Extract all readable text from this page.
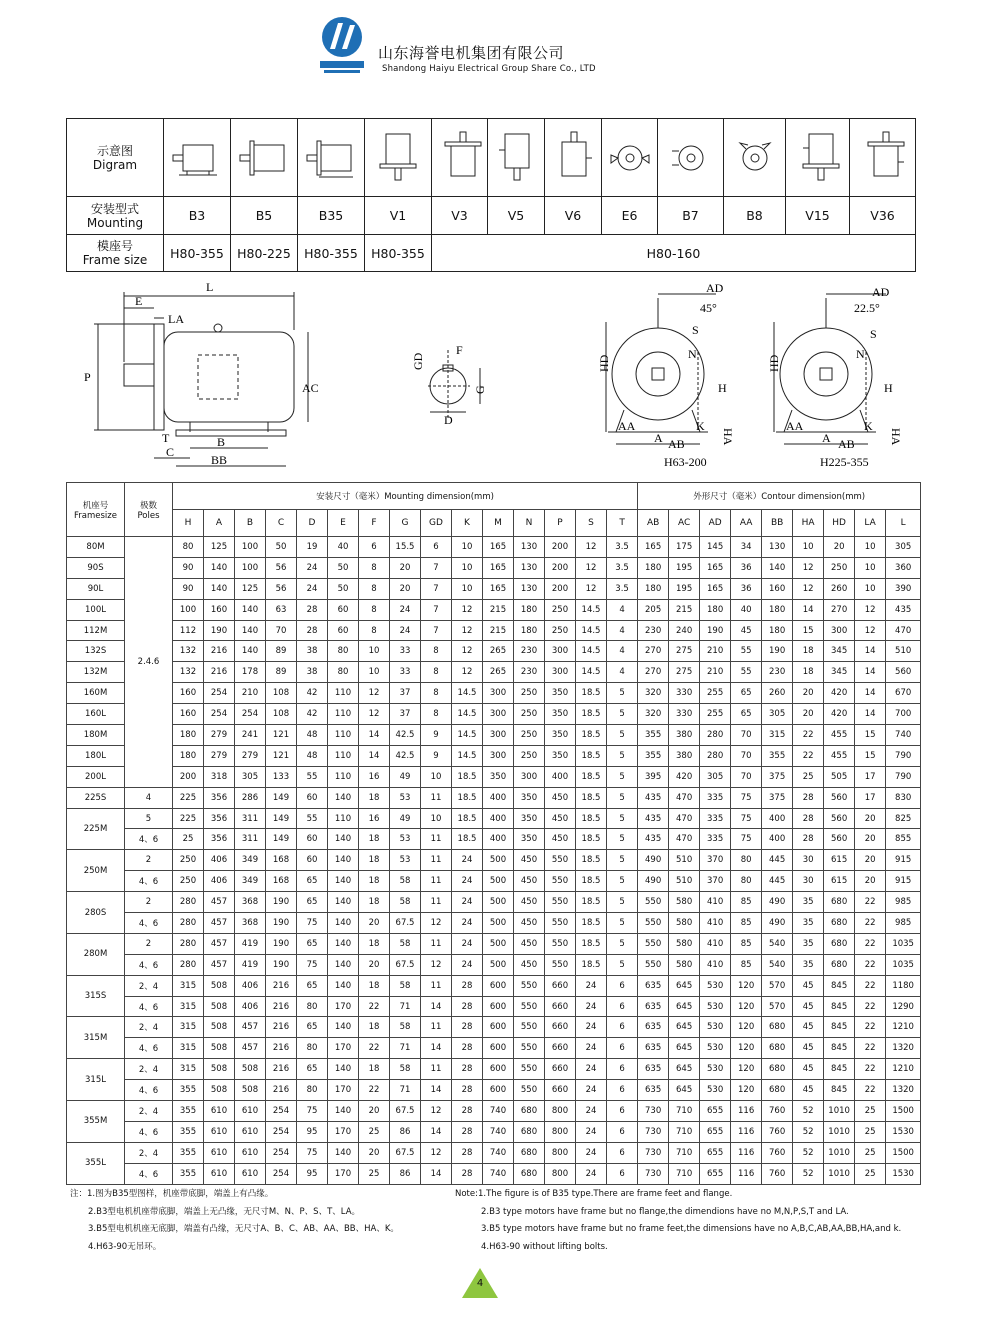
山东海誉电机集团有限公司
Shandong Haiyu Electrical Group Share Co., LTD
示意图
Digram	

安装型式
Mounting	B3	B5	B35	V1	V3	V5	V6	E6	B7	B8	V15	V36
模座号
Frame size	H80-355	H80-225	H80-355	H80-355	H80-160							
L
E
LA
P
AC
T	B
C
BB
GD
F
G
D
AD
HD
S
N
AA
A
K
AB	HA
H
45°
H63-200
AD
HD
S
N
AA
A
K
AB	HA
H
22.5°
H225-355
机座号
Framesize	极数
Poles	安装尺寸（毫米）Mounting dimension(mm)															外形尺寸（毫米）Contour dimension(mm)								
		H	A	B	C	D	E	F	G	GD	K	M	N	P	S	T	AB	AC	AD	AA	BB	HA	HD	LA	L
80M	2.4.6	80	125	100	50	19	40	6	15.5	6	10	165	130	200	12	3.5	165	175	145	34	130	10	20	10	305
90S		90	140	100	56	24	50	8	20	7	10	165	130	200	12	3.5	180	195	165	36	140	12	250	10	360
90L		90	140	125	56	24	50	8	20	7	10	165	130	200	12	3.5	180	195	165	36	160	12	260	10	390
100L		100	160	140	63	28	60	8	24	7	12	215	180	250	14.5	4	205	215	180	40	180	14	270	12	435
112M		112	190	140	70	28	60	8	24	7	12	215	180	250	14.5	4	230	240	190	45	180	15	300	12	470
132S		132	216	140	89	38	80	10	33	8	12	265	230	300	14.5	4	270	275	210	55	190	18	345	14	510
132M		132	216	178	89	38	80	10	33	8	12	265	230	300	14.5	4	270	275	210	55	230	18	345	14	560
160M		160	254	210	108	42	110	12	37	8	14.5	300	250	350	18.5	5	320	330	255	65	260	20	420	14	670
160L		160	254	254	108	42	110	12	37	8	14.5	300	250	350	18.5	5	320	330	255	65	305	20	420	14	700
180M		180	279	241	121	48	110	14	42.5	9	14.5	300	250	350	18.5	5	355	380	280	70	315	22	455	15	740
180L		180	279	279	121	48	110	14	42.5	9	14.5	300	250	350	18.5	5	355	380	280	70	355	22	455	15	790
200L		200	318	305	133	55	110	16	49	10	18.5	350	300	400	18.5	5	395	420	305	70	375	25	505	17	790
225S	4	225	356	286	149	60	140	18	53	11	18.5	400	350	450	18.5	5	435	470	335	75	375	28	560	17	830
225M	5	225	356	311	149	55	110	16	49	10	18.5	400	350	450	18.5	5	435	470	335	75	400	28	560	20	825
	4、6	25	356	311	149	60	140	18	53	11	18.5	400	350	450	18.5	5	435	470	335	75	400	28	560	20	855
250M	2	250	406	349	168	60	140	18	53	11	24	500	450	550	18.5	5	490	510	370	80	445	30	615	20	915
	4、6	250	406	349	168	65	140	18	58	11	24	500	450	550	18.5	5	490	510	370	80	445	30	615	20	915
280S	2	280	457	368	190	65	140	18	58	11	24	500	450	550	18.5	5	550	580	410	85	490	35	680	22	985
	4、6	280	457	368	190	75	140	20	67.5	12	24	500	450	550	18.5	5	550	580	410	85	490	35	680	22	985
280M	2	280	457	419	190	65	140	18	58	11	24	500	450	550	18.5	5	550	580	410	85	540	35	680	22	1035
	4、6	280	457	419	190	75	140	20	67.5	12	24	500	450	550	18.5	5	550	580	410	85	540	35	680	22	1035
315S	2、4	315	508	406	216	65	140	18	58	11	28	600	550	660	24	6	635	645	530	120	570	45	845	22	1180
	4、6	315	508	406	216	80	170	22	71	14	28	600	550	660	24	6	635	645	530	120	570	45	845	22	1290
315M	2、4	315	508	457	216	65	140	18	58	11	28	600	550	660	24	6	635	645	530	120	680	45	845	22	1210
	4、6	315	508	457	216	80	170	22	71	14	28	600	550	660	24	6	635	645	530	120	680	45	845	22	1320
315L	2、4	315	508	508	216	65	140	18	58	11	28	600	550	660	24	6	635	645	530	120	680	45	845	22	1210
	4、6	355	508	508	216	80	170	22	71	14	28	600	550	660	24	6	635	645	530	120	680	45	845	22	1320
355M	2、4	355	610	610	254	75	140	20	67.5	12	28	740	680	800	24	6	730	710	655	116	760	52	1010	25	1500
	4、6	355	610	610	254	95	170	25	86	14	28	740	680	800	24	6	730	710	655	116	760	52	1010	25	1530
355L	2、4	355	610	610	254	75	140	20	67.5	12	28	740	680	800	24	6	730	710	655	116	760	52	1010	25	1500
	4、6	355	610	610	254	95	170	25	86	14	28	740	680	800	24	6	730	710	655	116	760	52	1010	25	1530
注：1.图为B35型图样，机座带底脚，端盖上有凸缘。
2.B3型电机机座带底脚，端盖上无凸缘，无尺寸M、N、P、S、T、LA。
3.B5型电机机座无底脚，端盖有凸缘，无尺寸A、B、C、AB、AA、BB、HA、K。
4.H63-90无吊环。
Note:1.The figure is of B35 type.There are frame feet and flange.
2.B3 type motors have frame but no flange,the dimendions have no M,N,P,S,T and LA.
3.B5 type motors have frame but no frame feet,the dimensions have no A,B,C,AB,AA,BB,HA,and k.
4.H63-90 without lifting bolts.
4
